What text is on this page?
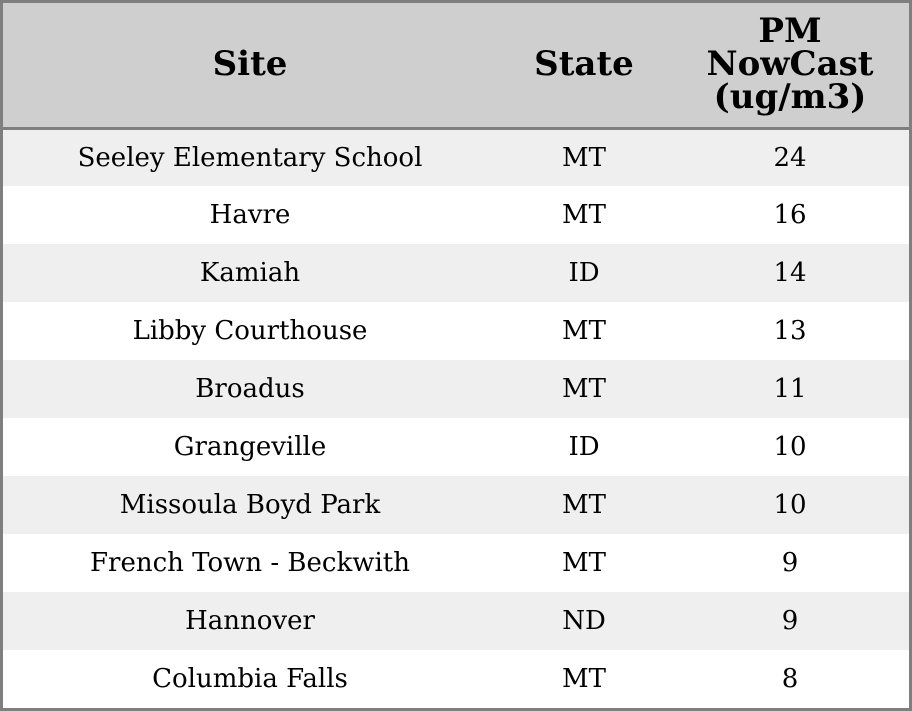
Site	State	PM
NowCast
(ug/m3)

Seeley Elementary School	MT	24
Havre	MT	16
Kamiah	ID	14
Libby Courthouse	MT	13
Broadus	MT	11
Grangeville	ID	10
Missoula Boyd Park	MT	10
French Town - Beckwith	MT	9
Hannover	ND	9
Columbia Falls	MT	8
